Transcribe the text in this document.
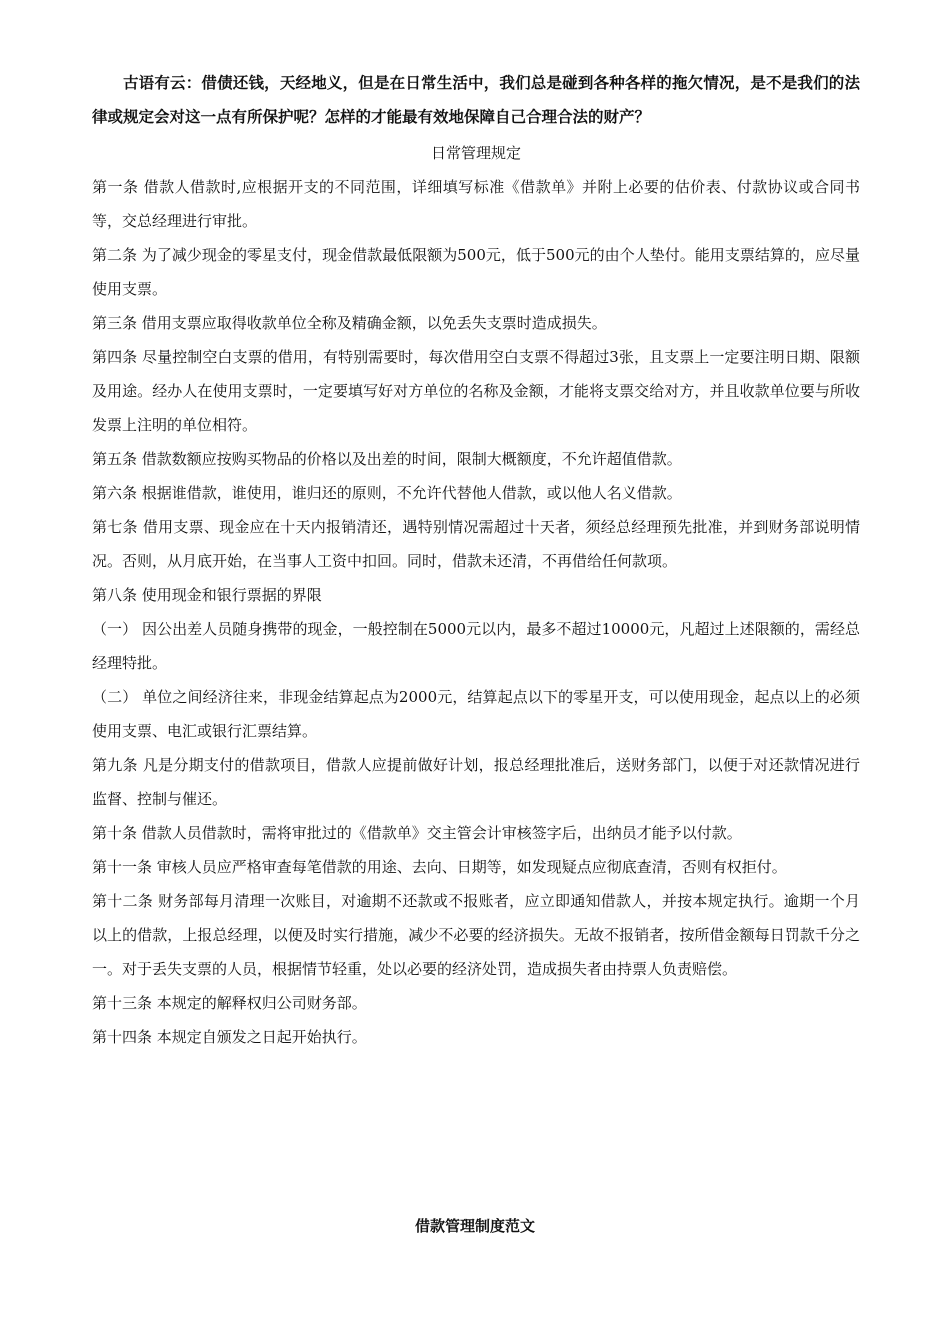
古语有云：借债还钱，天经地义，但是在日常生活中，我们总是碰到各种各样的拖欠情况，是不是我们的法律或规定会对这一点有所保护呢？怎样的才能最有效地保障自己合理合法的财产？

日常管理规定

第一条 借款人借款时,应根据开支的不同范围，详细填写标准《借款单》并附上必要的估价表、付款协议或合同书等，交总经理进行审批。

第二条 为了减少现金的零星支付，现金借款最低限额为500元，低于500元的由个人垫付。能用支票结算的，应尽量使用支票。

第三条 借用支票应取得收款单位全称及精确金额，以免丢失支票时造成损失。

第四条 尽量控制空白支票的借用，有特别需要时，每次借用空白支票不得超过3张，且支票上一定要注明日期、限额及用途。经办人在使用支票时，一定要填写好对方单位的名称及金额，才能将支票交给对方，并且收款单位要与所收发票上注明的单位相符。

第五条 借款数额应按购买物品的价格以及出差的时间，限制大概额度，不允许超值借款。

第六条 根据谁借款，谁使用，谁归还的原则，不允许代替他人借款，或以他人名义借款。

第七条 借用支票、现金应在十天内报销清还，遇特别情况需超过十天者，须经总经理预先批准，并到财务部说明情况。否则，从月底开始，在当事人工资中扣回。同时，借款未还清，不再借给任何款项。

第八条 使用现金和银行票据的界限

（一） 因公出差人员随身携带的现金，一般控制在5000元以内，最多不超过10000元，凡超过上述限额的，需经总经理特批。

（二） 单位之间经济往来，非现金结算起点为2000元，结算起点以下的零星开支，可以使用现金，起点以上的必须使用支票、电汇或银行汇票结算。

第九条 凡是分期支付的借款项目，借款人应提前做好计划，报总经理批准后，送财务部门，以便于对还款情况进行监督、控制与催还。

第十条 借款人员借款时，需将审批过的《借款单》交主管会计审核签字后，出纳员才能予以付款。

第十一条 审核人员应严格审查每笔借款的用途、去向、日期等，如发现疑点应彻底查清，否则有权拒付。

第十二条 财务部每月清理一次账目，对逾期不还款或不报账者，应立即通知借款人，并按本规定执行。逾期一个月以上的借款，上报总经理，以便及时实行措施，减少不必要的经济损失。无故不报销者，按所借金额每日罚款千分之一。对于丢失支票的人员，根据情节轻重，处以必要的经济处罚，造成损失者由持票人负责赔偿。

第十三条 本规定的解释权归公司财务部。

第十四条 本规定自颁发之日起开始执行。

借款管理制度范文
